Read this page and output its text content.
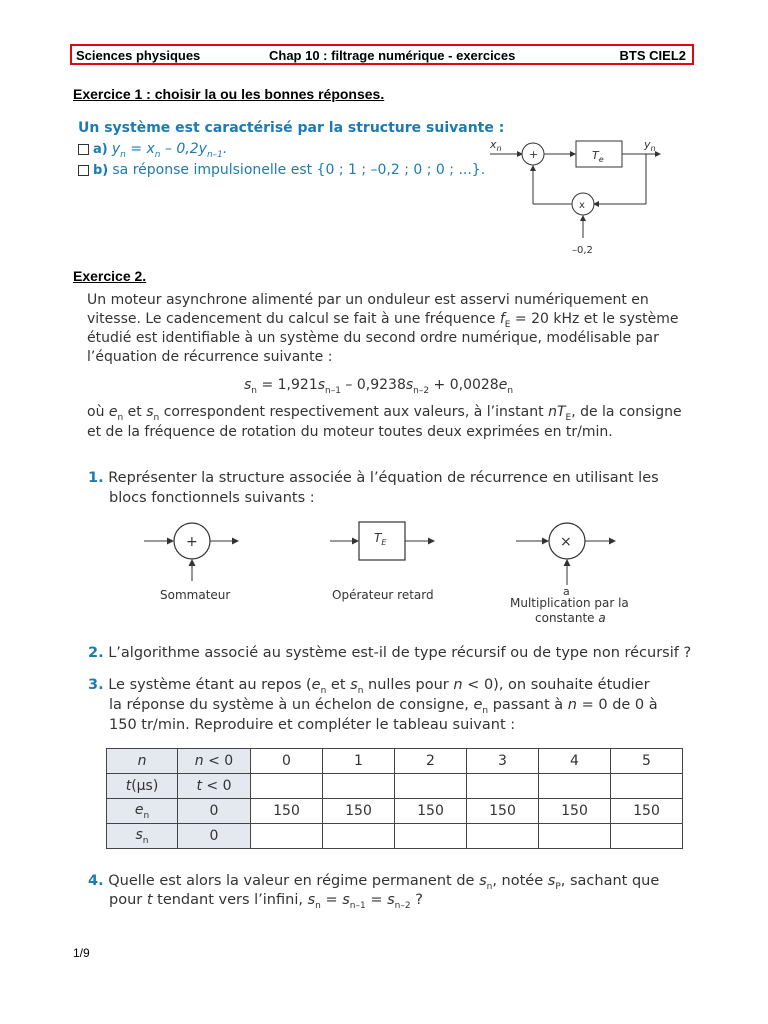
Sciences physiques	Chap 10 : filtrage numérique - exercices	BTS CIEL2
Exercice 1 : choisir la ou les bonnes réponses.
Un système est caractérisé par la structure suivante :
a) $y_n = x_n - 0,2y_{n-1}$.
b) sa réponse impulsionelle est {0 ; 1 ; –0,2 ; 0 ; 0 ; ...}.
$x_n$ +	$T_e$
$y_n$
x
–0,2
Exercice 2.
Un moteur asynchrone alimenté par un onduleur est asservi numériquement en
vitesse. Le cadencement du calcul se fait à une fréquence $f_E = 20$ kHz et le système
étudié est identifiable à un système du second ordre numérique, modélisable par
l’équation de récurrence suivante :
$s_n = 1,921s_{n-1} - 0,9238s_{n-2} + 0,0028e_n$
où $e_n$ et $s_n$ correspondent respectivement aux valeurs, à l’instant $nT_E$, de la consigne
et de la fréquence de rotation du moteur toutes deux exprimées en tr/min.
1. Représenter la structure associée à l’équation de récurrence en utilisant les
blocs fonctionnels suivants :
+
Sommateur
$T_E$
Opérateur retard
×
a
Multiplication par la
constante a
2. L’algorithme associé au système est-il de type récursif ou de type non récursif ?
3. Le système étant au repos ($e_n$ et $s_n$ nulles pour n < 0), on souhaite étudier
la réponse du système à un échelon de consigne, $e_n$ passant à n = 0 de 0 à
150 tr/min. Reproduire et compléter le tableau suivant :
n	n < 0	0	1	2	3	4	5
t(µs)	t < 0						
$e_n$	0	150	150	150	150	150	150
$s_n$	0						
4. Quelle est alors la valeur en régime permanent de $s_n$, notée $s_P$, sachant que
pour t tendant vers l’infini, $s_n = s_{n-1} = s_{n-2}$ ?
1/9
